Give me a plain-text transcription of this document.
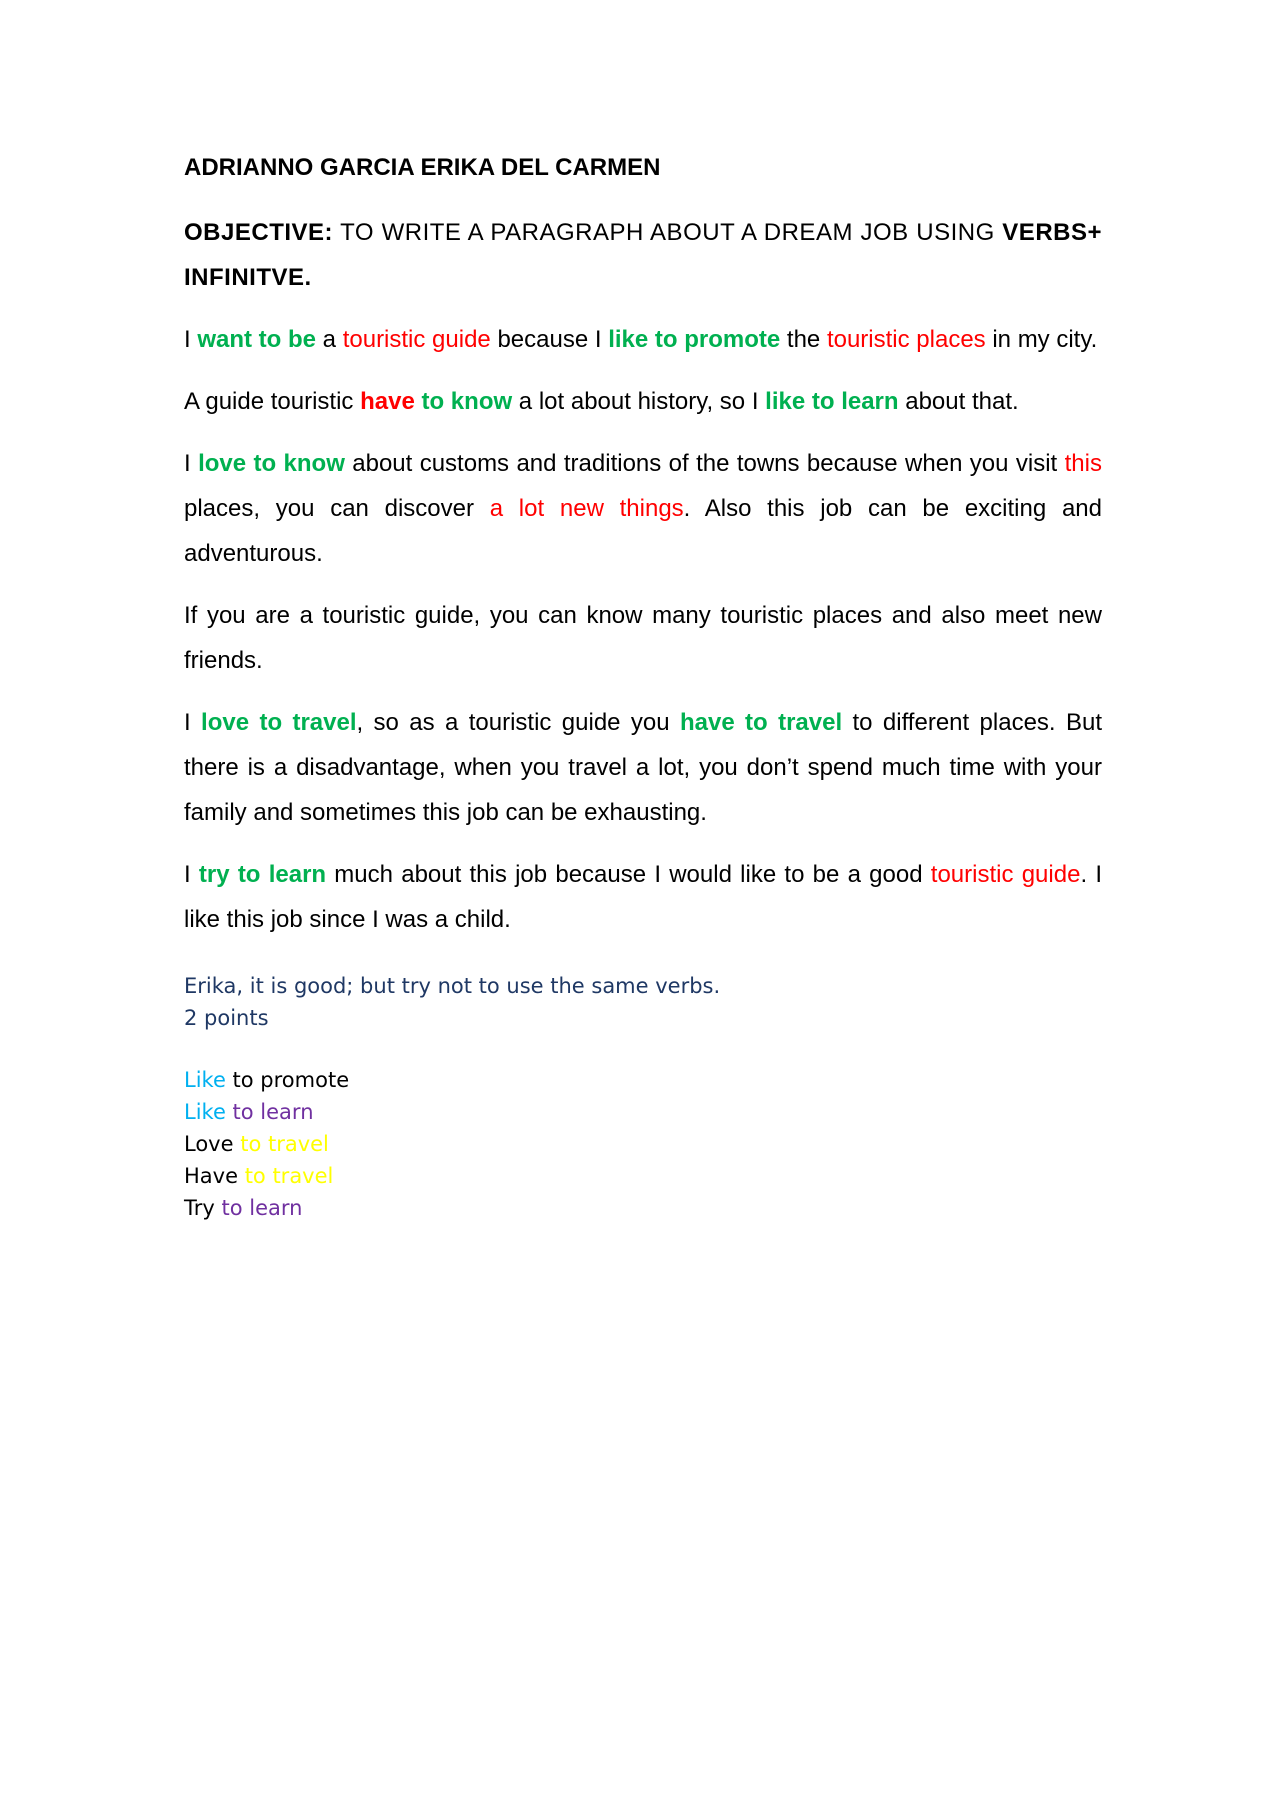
ADRIANNO GARCIA ERIKA DEL CARMEN
OBJECTIVE: TO WRITE A PARAGRAPH ABOUT A DREAM JOB USING VERBS+ INFINITVE.
I want to be a touristic guide because I like to promote the touristic places in my city.
A guide touristic have to know a lot about history, so I like to learn about that.
I love to know about customs and traditions of the towns because when you visit this places, you can discover a lot new things. Also this job can be exciting and adventurous.
If you are a touristic guide, you can know many touristic places and also meet new friends.
I love to travel, so as a touristic guide you have to travel to different places. But there is a disadvantage, when you travel a lot, you don’t spend much time with your family and sometimes this job can be exhausting.
I try to learn much about this job because I would like to be a good touristic guide. I like this job since I was a child.
Erika, it is good; but try not to use the same verbs.
2 points
Like to promote
Like to learn
Love to travel
Have to travel
Try to learn
